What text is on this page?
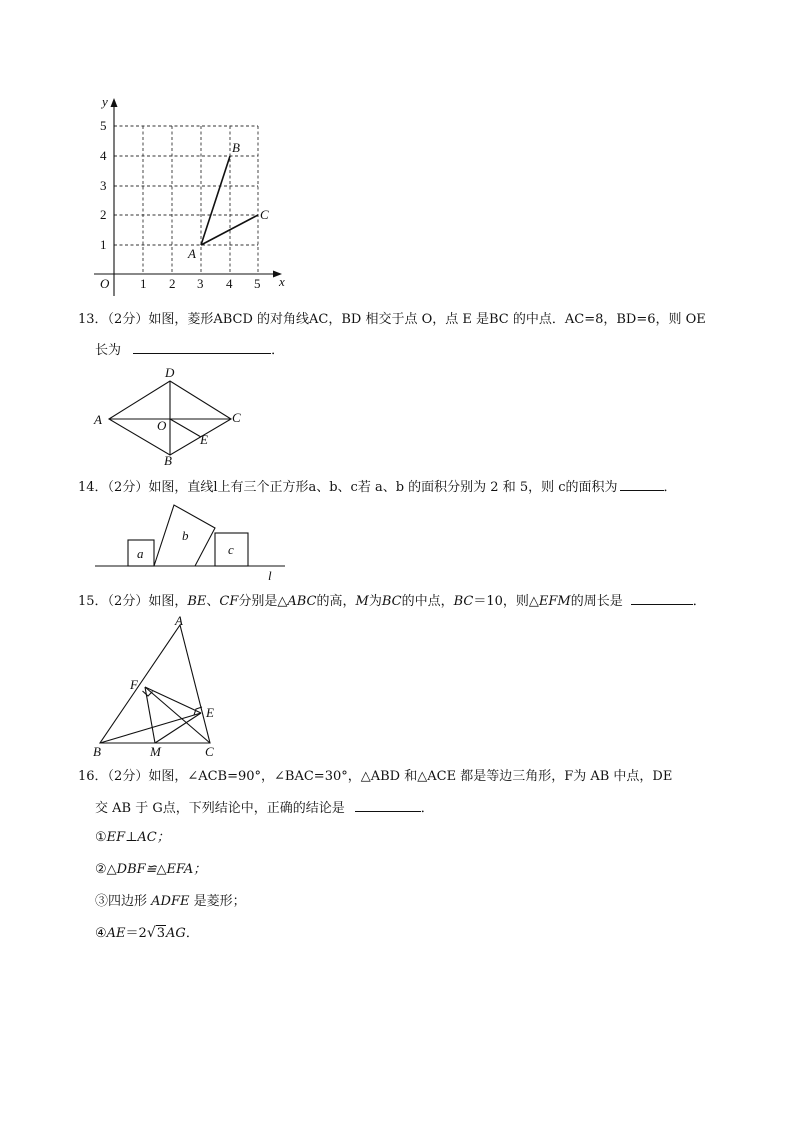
x
y
O 1 2 3 4 5
1
2
3
4
5
A
B
C
13．（2分）如图，菱形ABCD 的对角线AC，BD 相交于点 O，点 E 是BC 的中点．AC=8，BD=6，则 OE
长为	．
A
D
C
O
E
B
14．（2分）如图，直线l上有三个正方形a、b、c若 a、b 的面积分别为 2 和 5，则 c的面积为	．
a
b
c
l
15．（2分）如图，BE、CF分别是△ABC的高，M为BC的中点，BC＝10，则△EFM的周长是	．
A
F
E
B	M	C
16．（2分）如图，∠ACB=90°，∠BAC=30°，△ABD 和△ACE 都是等边三角形，F为 AB 中点，DE
交 AB 于 G点，下列结论中，正确的结论是	．
①EF⊥AC；
②△DBF≌△EFA；
③四边形 ADFE 是菱形；
④AE＝2√3AG．
